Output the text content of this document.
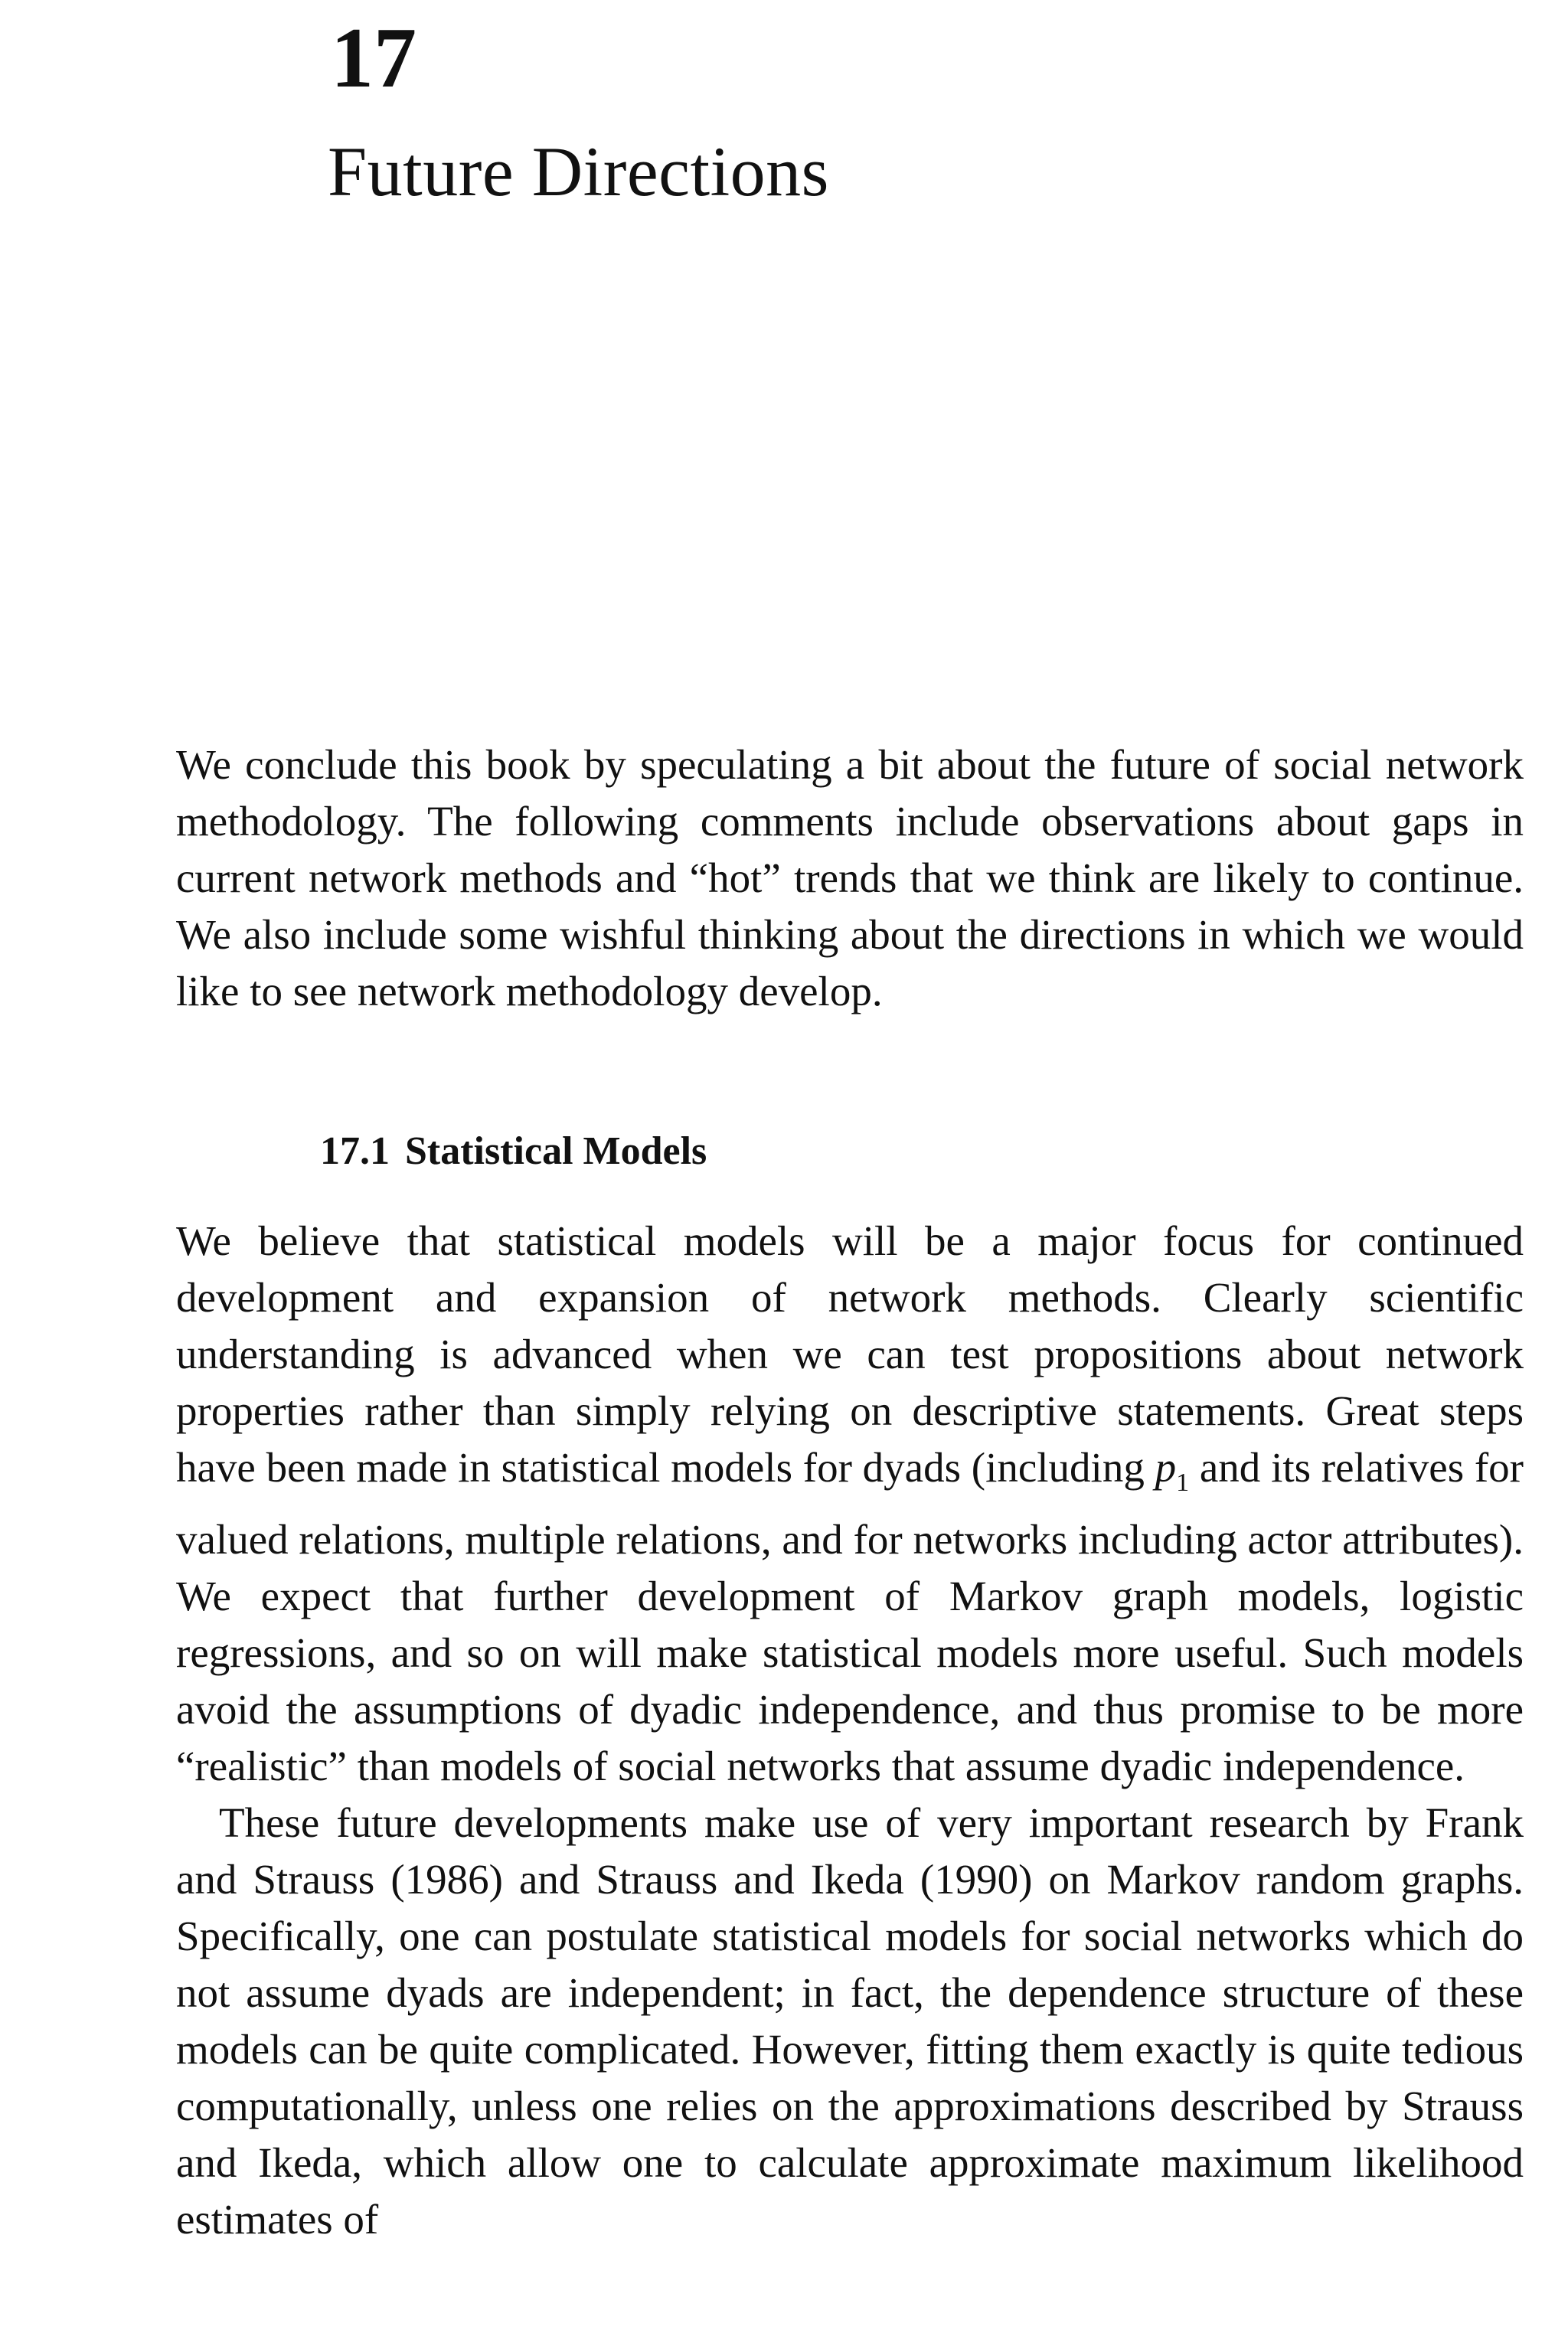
17
Future Directions

We conclude this book by speculating a bit about the future of social network methodology. The following comments include observations about gaps in current network methods and “hot” trends that we think are likely to continue. We also include some wishful thinking about the directions in which we would like to see network methodology develop.

17.1 Statistical Models

We believe that statistical models will be a major focus for continued development and expansion of network methods. Clearly scientific understanding is advanced when we can test propositions about network properties rather than simply relying on descriptive statements. Great steps have been made in statistical models for dyads (including $p_1$ and its relatives for valued relations, multiple relations, and for networks including actor attributes). We expect that further development of Markov graph models, logistic regressions, and so on will make statistical models more useful. Such models avoid the assumptions of dyadic independence, and thus promise to be more “realistic” than models of social networks that assume dyadic independence.

These future developments make use of very important research by Frank and Strauss (1986) and Strauss and Ikeda (1990) on Markov random graphs. Specifically, one can postulate statistical models for social networks which do not assume dyads are independent; in fact, the dependence structure of these models can be quite complicated. However, fitting them exactly is quite tedious computationally, unless one relies on the approximations described by Strauss and Ikeda, which allow one to calculate approximate maximum likelihood estimates of
